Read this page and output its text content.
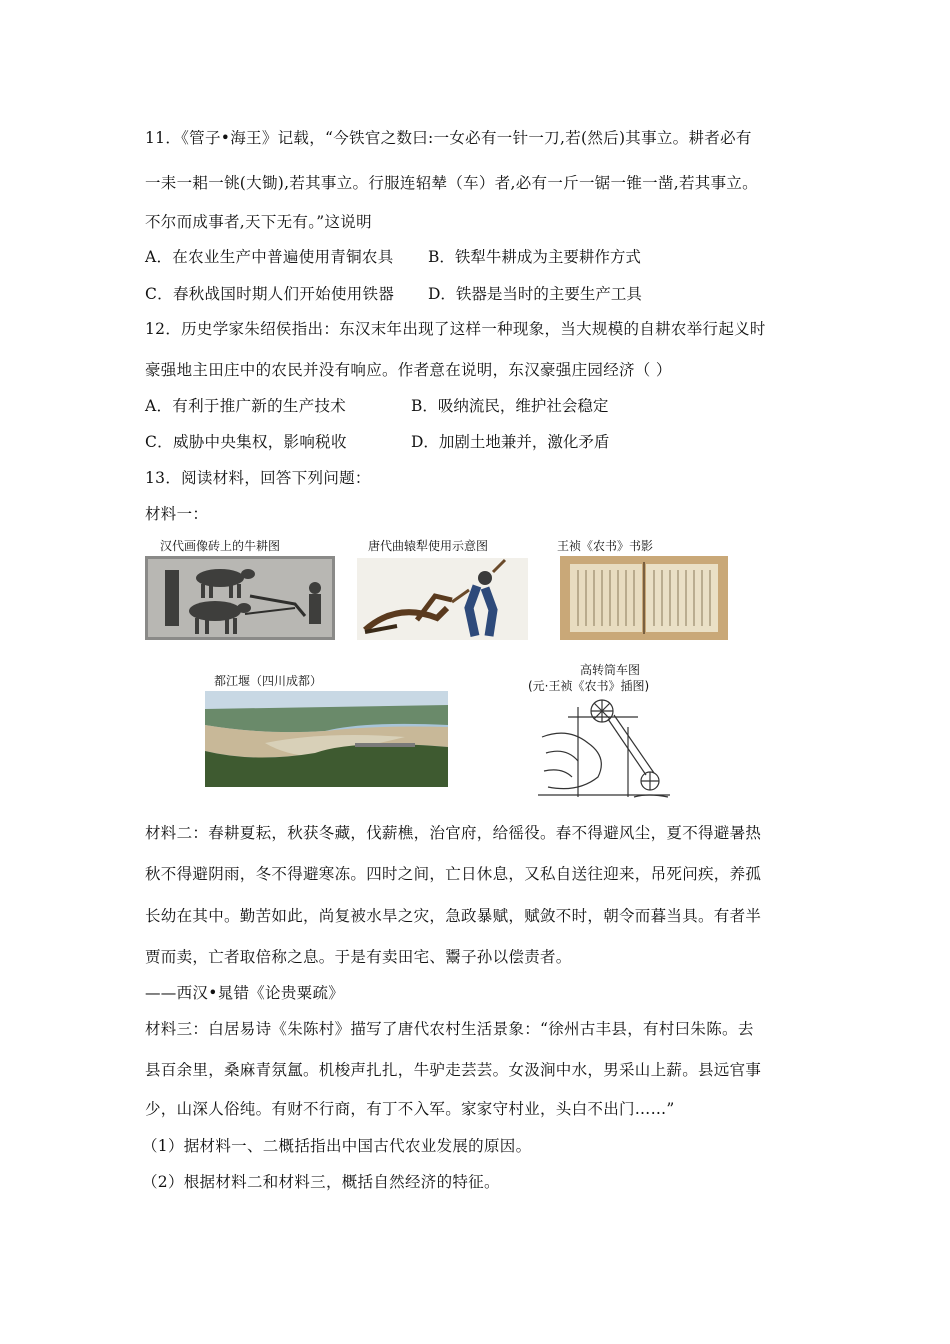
11．《管子•海王》记载，“今铁官之数曰:一女必有一针一刀,若(然后)其事立。耕者必有
一耒一耜一铫(大锄),若其事立。行服连轺辇（车）者,必有一斤一锯一锥一凿,若其事立。
不尔而成事者,天下无有。”这说明
A．在农业生产中普遍使用青铜农具 B．铁犁牛耕成为主要耕作方式
C．春秋战国时期人们开始使用铁器 D．铁器是当时的主要生产工具
12．历史学家朱绍侯指出：东汉末年出现了这样一种现象，当大规模的自耕农举行起义时
豪强地主田庄中的农民并没有响应。作者意在说明，东汉豪强庄园经济（ ）
A．有利于推广新的生产技术	B．吸纳流民，维护社会稳定
C．威胁中央集权，影响税收	D．加剧土地兼并，激化矛盾
13．阅读材料，回答下列问题：
材料一：
汉代画像砖上的牛耕图	唐代曲辕犁使用示意图	王祯《农书》书影
都江堰（四川成都）
高转筒车图
(元·王祯《农书》插图)
材料二：春耕夏耘，秋获冬藏，伐薪樵，治官府，给徭役。春不得避风尘，夏不得避暑热
秋不得避阴雨，冬不得避寒冻。四时之间，亡日休息，又私自送往迎来，吊死问疾，养孤
长幼在其中。勤苦如此，尚复被水旱之灾，急政暴赋，赋敛不时，朝令而暮当具。有者半
贾而卖，亡者取倍称之息。于是有卖田宅、鬻子孙以偿责者。
——西汉•晁错《论贵粟疏》
材料三：白居易诗《朱陈村》描写了唐代农村生活景象：“徐州古丰县，有村曰朱陈。去
县百余里，桑麻青氛氲。机梭声扎扎，牛驴走芸芸。女汲涧中水，男采山上薪。县远官事
少，山深人俗纯。有财不行商，有丁不入军。家家守村业，头白不出门……”
（1）据材料一、二概括指出中国古代农业发展的原因。
（2）根据材料二和材料三，概括自然经济的特征。
